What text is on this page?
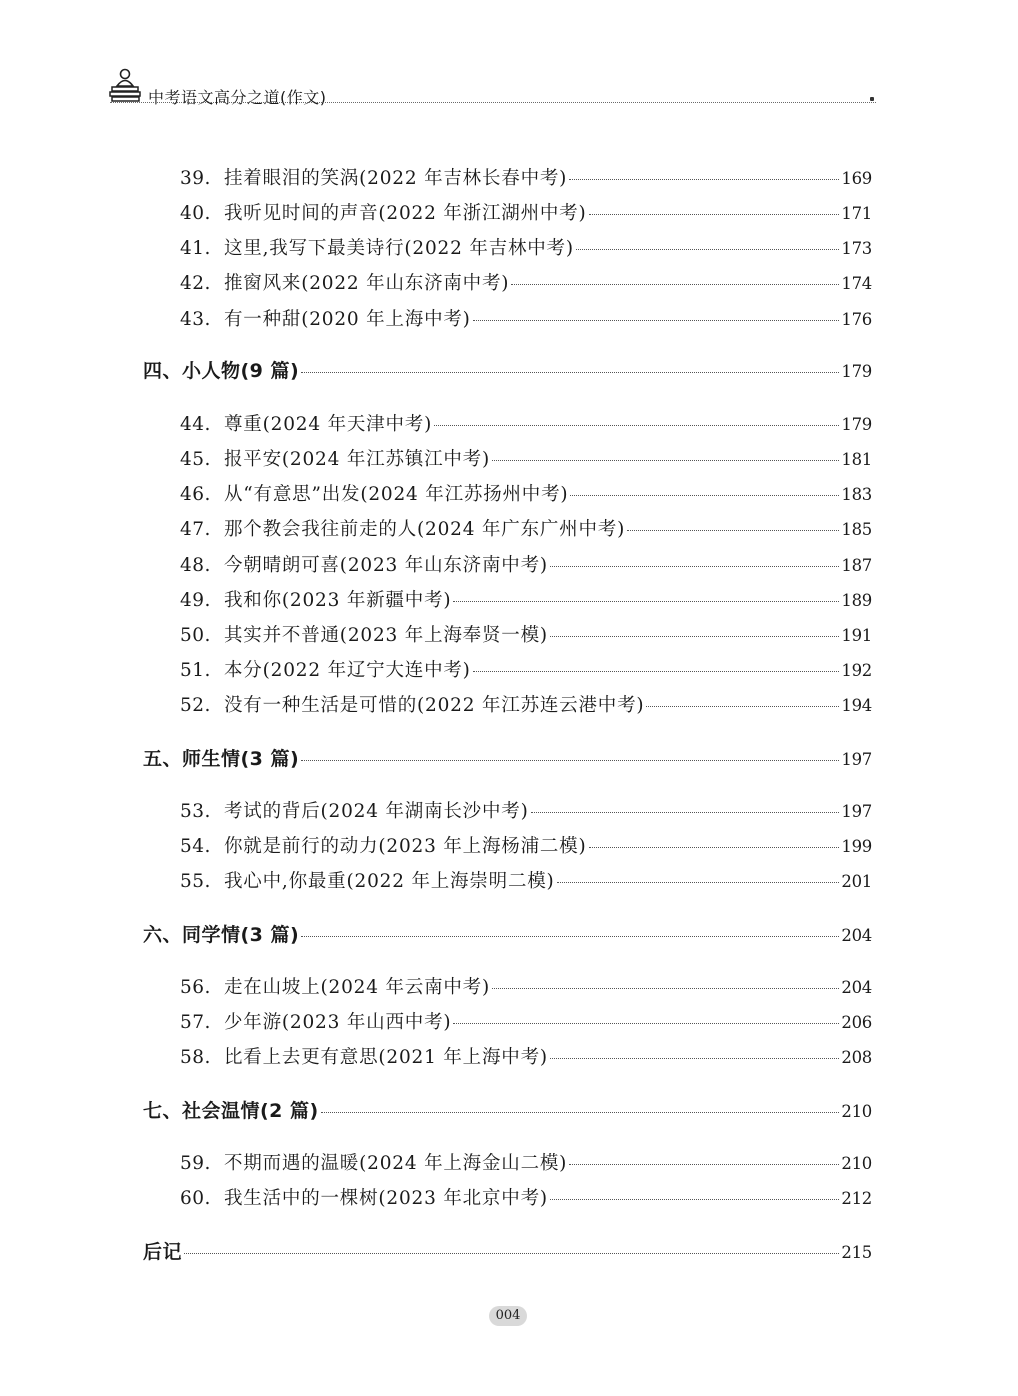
中考语文高分之道(作文)
39. 挂着眼泪的笑涡(2022 年吉林长春中考)	169
40. 我听见时间的声音(2022 年浙江湖州中考)	171
41. 这里,我写下最美诗行(2022 年吉林中考)	173
42. 推窗风来(2022 年山东济南中考)	174
43. 有一种甜(2020 年上海中考)	176
四、小人物(9 篇)	179
44. 尊重(2024 年天津中考)	179
45. 报平安(2024 年江苏镇江中考)	181
46. 从“有意思”出发(2024 年江苏扬州中考)	183
47. 那个教会我往前走的人(2024 年广东广州中考)	185
48. 今朝晴朗可喜(2023 年山东济南中考)	187
49. 我和你(2023 年新疆中考)	189
50. 其实并不普通(2023 年上海奉贤一模)	191
51. 本分(2022 年辽宁大连中考)	192
52. 没有一种生活是可惜的(2022 年江苏连云港中考)	194
五、师生情(3 篇)	197
53. 考试的背后(2024 年湖南长沙中考)	197
54. 你就是前行的动力(2023 年上海杨浦二模)	199
55. 我心中,你最重(2022 年上海崇明二模)	201
六、同学情(3 篇)	204
56. 走在山坡上(2024 年云南中考)	204
57. 少年游(2023 年山西中考)	206
58. 比看上去更有意思(2021 年上海中考)	208
七、社会温情(2 篇)	210
59. 不期而遇的温暖(2024 年上海金山二模)	210
60. 我生活中的一棵树(2023 年北京中考)	212
后记	215
004
